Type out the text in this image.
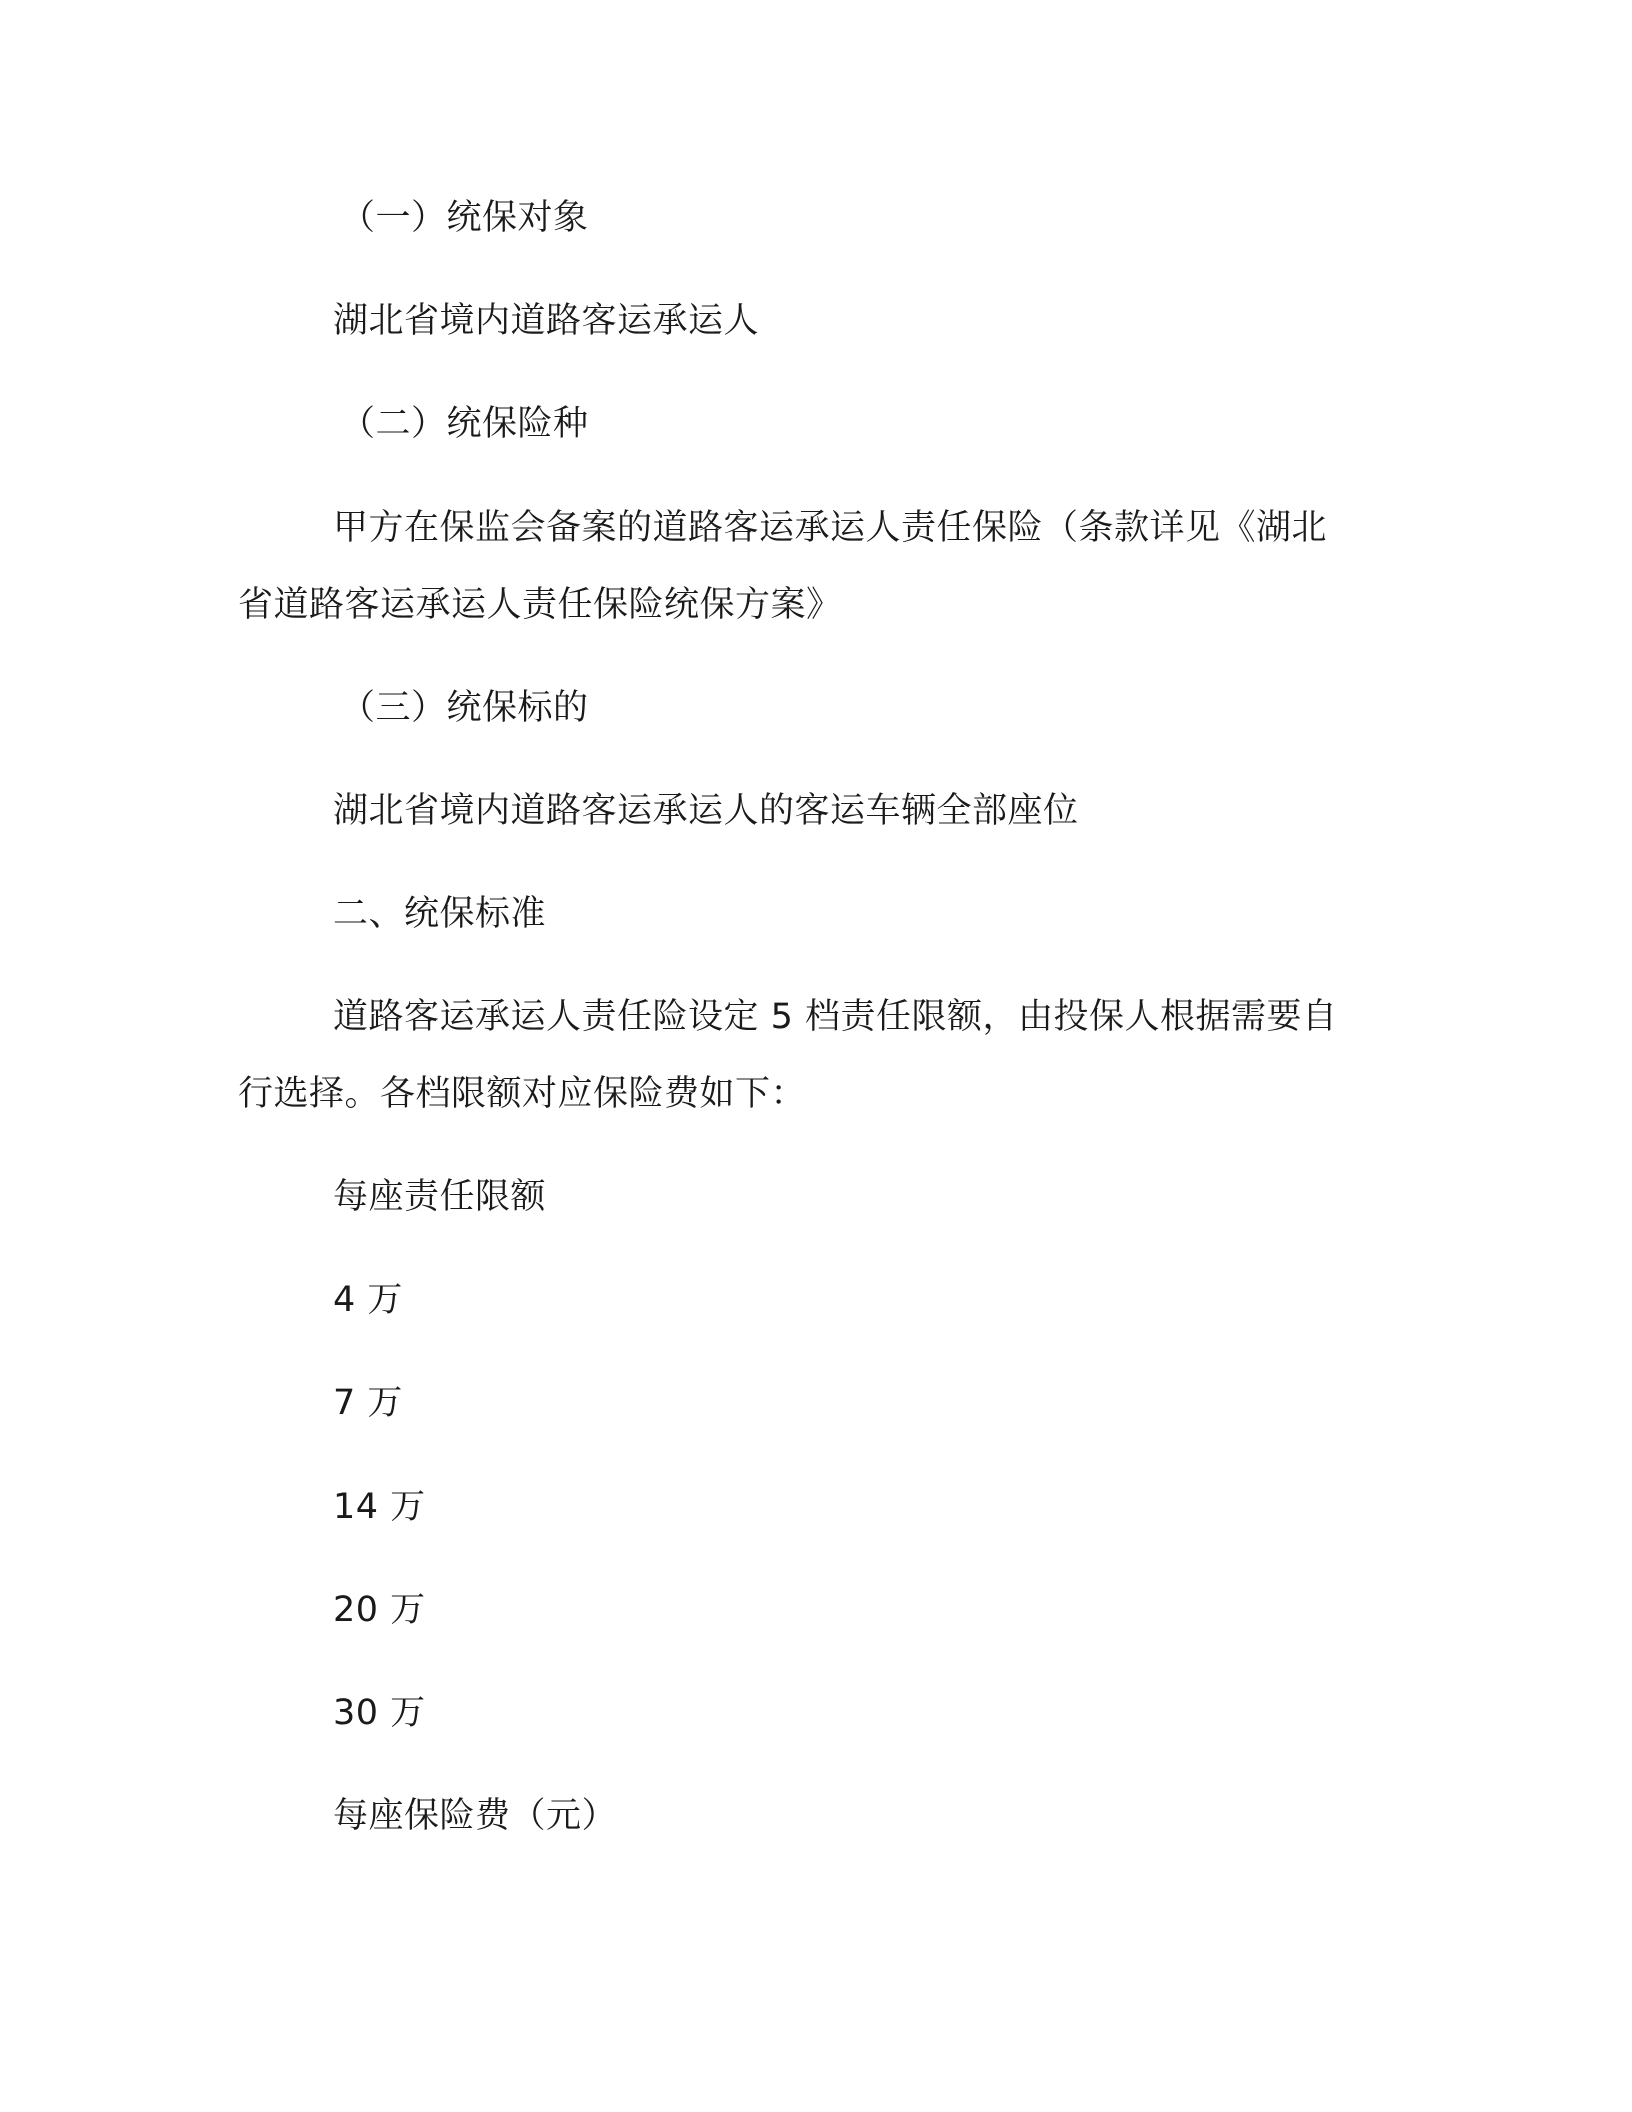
（一）统保对象
湖北省境内道路客运承运人
（二）统保险种
甲方在保监会备案的道路客运承运人责任保险（条款详见《湖北
省道路客运承运人责任保险统保方案》
（三）统保标的
湖北省境内道路客运承运人的客运车辆全部座位
二、统保标准
道路客运承运人责任险设定 5 档责任限额，由投保人根据需要自
行选择。各档限额对应保险费如下：
每座责任限额
4 万
7 万
14 万
20 万
30 万
每座保险费（元）
